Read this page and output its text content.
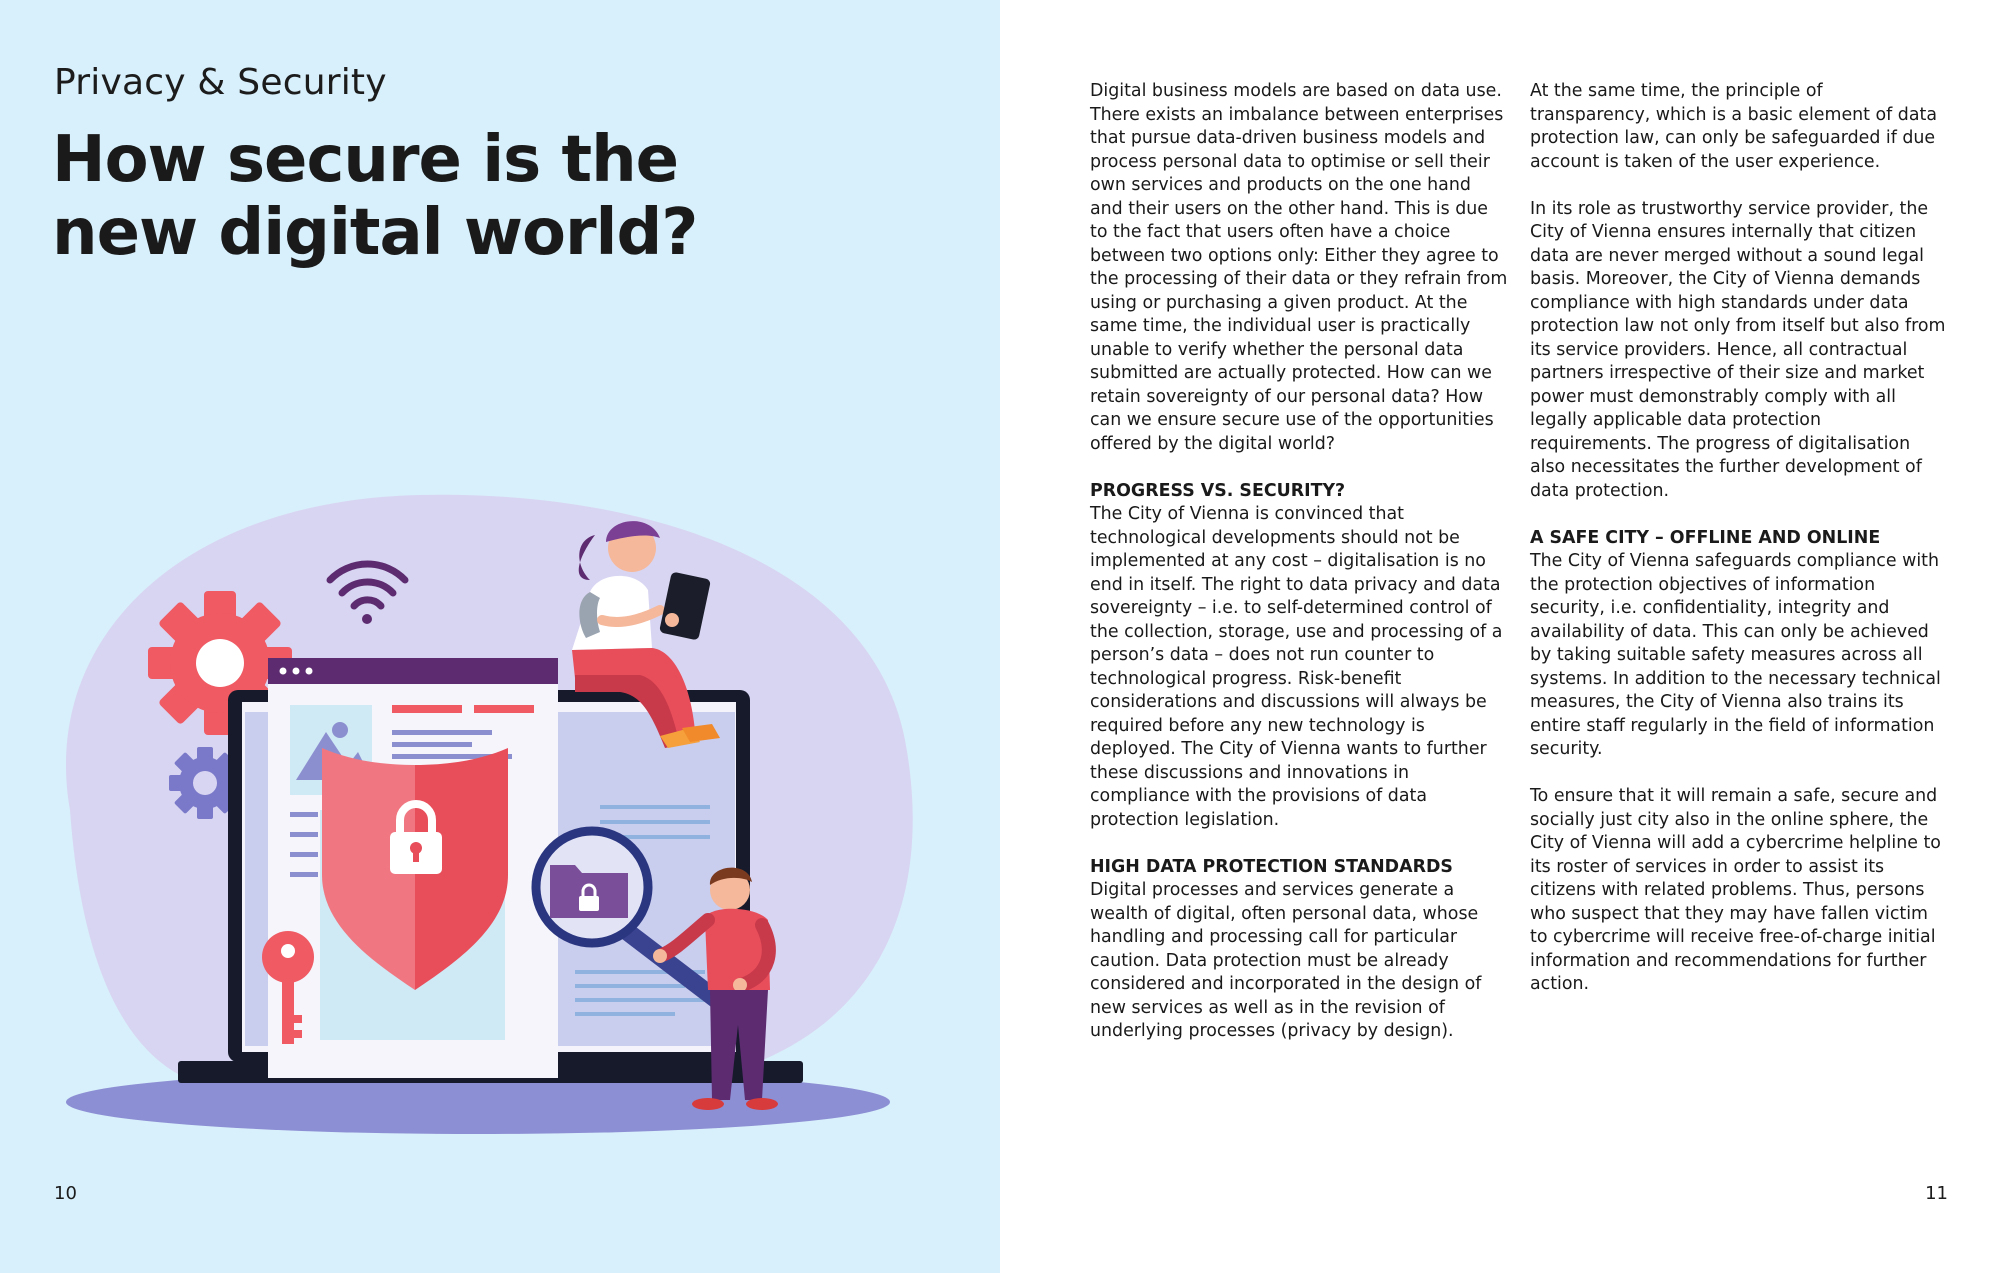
Privacy & Security
How secure is the
new digital world?
10

Digital business models are based on data use. There exists an imbalance between enterprises that pursue data-driven business models and process personal data to optimise or sell their own services and products on the one hand and their users on the other hand. This is due to the fact that users often have a choice between two options only: Either they agree to the processing of their data or they refrain from using or purchasing a given product. At the same time, the individual user is practically unable to verify whether the personal data submitted are actually protected. How can we retain sovereignty of our personal data? How can we ensure secure use of the opportunities offered by the digital world?

PROGRESS VS. SECURITY?

The City of Vienna is convinced that technological developments should not be implemented at any cost – digitalisation is no end in itself. The right to data privacy and data sovereignty – i.e. to self-determined control of the collection, storage, use and processing of a person’s data – does not run counter to technological progress. Risk-benefit considerations and discussions will always be required before any new technology is deployed. The City of Vienna wants to further these discussions and innovations in compliance with the provisions of data protection legislation.

HIGH DATA PROTECTION STANDARDS

Digital processes and services generate a wealth of digital, often personal data, whose handling and processing call for particular caution. Data protection must be already considered and incorporated in the design of new services as well as in the revision of underlying processes (privacy by design).

At the same time, the principle of transparency, which is a basic element of data protection law, can only be safeguarded if due account is taken of the user experience.

In its role as trustworthy service provider, the City of Vienna ensures internally that citizen data are never merged without a sound legal basis. Moreover, the City of Vienna demands compliance with high standards under data protection law not only from itself but also from its service providers. Hence, all contractual partners irrespective of their size and market power must demonstrably comply with all legally applicable data protection requirements. The progress of digitalisation also necessitates the further development of data protection.

A SAFE CITY – OFFLINE AND ONLINE

The City of Vienna safeguards compliance with the protection objectives of information security, i.e. confidentiality, integrity and availability of data. This can only be achieved by taking suitable safety measures across all systems. In addition to the necessary technical measures, the City of Vienna also trains its entire staff regularly in the field of information security.

To ensure that it will remain a safe, secure and socially just city also in the online sphere, the City of Vienna will add a cybercrime helpline to its roster of services in order to assist its citizens with related problems. Thus, persons who suspect that they may have fallen victim to cybercrime will receive free-of-charge initial information and recommendations for further action.

11
